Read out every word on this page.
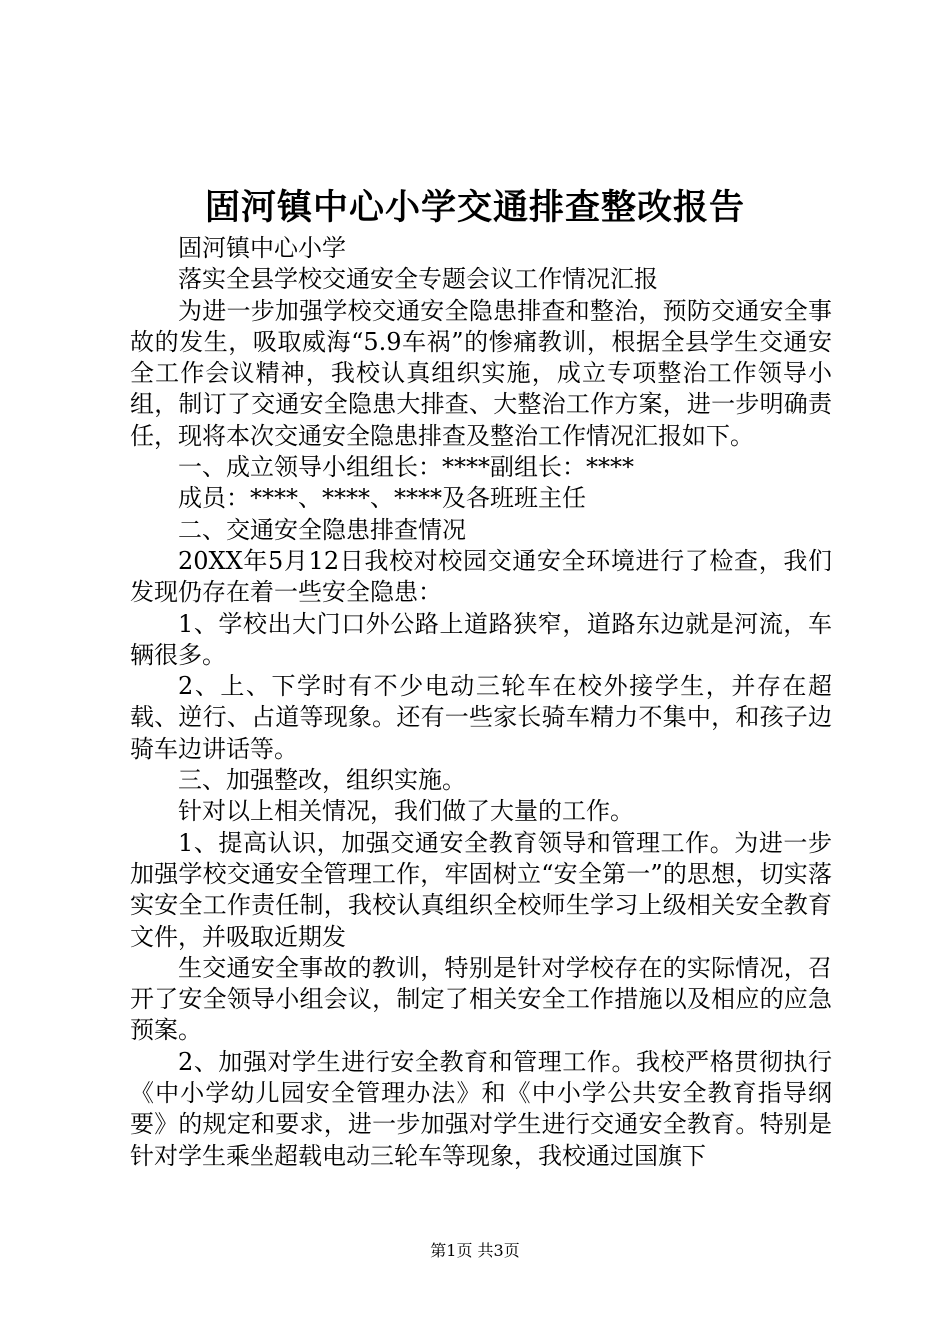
固河镇中心小学交通排查整改报告

固河镇中心小学

落实全县学校交通安全专题会议工作情况汇报

为进一步加强学校交通安全隐患排查和整治，预防交通安全事故的发生，吸取威海“5.9车祸”的惨痛教训，根据全县学生交通安全工作会议精神，我校认真组织实施，成立专项整治工作领导小组，制订了交通安全隐患大排查、大整治工作方案，进一步明确责任，现将本次交通安全隐患排查及整治工作情况汇报如下。

一、成立领导小组组长：****副组长：****

成员：****、****、****及各班班主任

二、交通安全隐患排查情况

20XX年5月12日我校对校园交通安全环境进行了检查，我们发现仍存在着一些安全隐患：

1、学校出大门口外公路上道路狭窄，道路东边就是河流，车辆很多。

2、上、下学时有不少电动三轮车在校外接学生，并存在超载、逆行、占道等现象。还有一些家长骑车精力不集中，和孩子边骑车边讲话等。

三、加强整改，组织实施。

针对以上相关情况，我们做了大量的工作。

1、提高认识，加强交通安全教育领导和管理工作。为进一步加强学校交通安全管理工作，牢固树立“安全第一”的思想，切实落实安全工作责任制，我校认真组织全校师生学习上级相关安全教育文件，并吸取近期发

生交通安全事故的教训，特别是针对学校存在的实际情况，召开了安全领导小组会议，制定了相关安全工作措施以及相应的应急预案。

2、加强对学生进行安全教育和管理工作。我校严格贯彻执行《中小学幼儿园安全管理办法》和《中小学公共安全教育指导纲要》的规定和要求，进一步加强对学生进行交通安全教育。特别是针对学生乘坐超载电动三轮车等现象，我校通过国旗下

第1页 共3页
